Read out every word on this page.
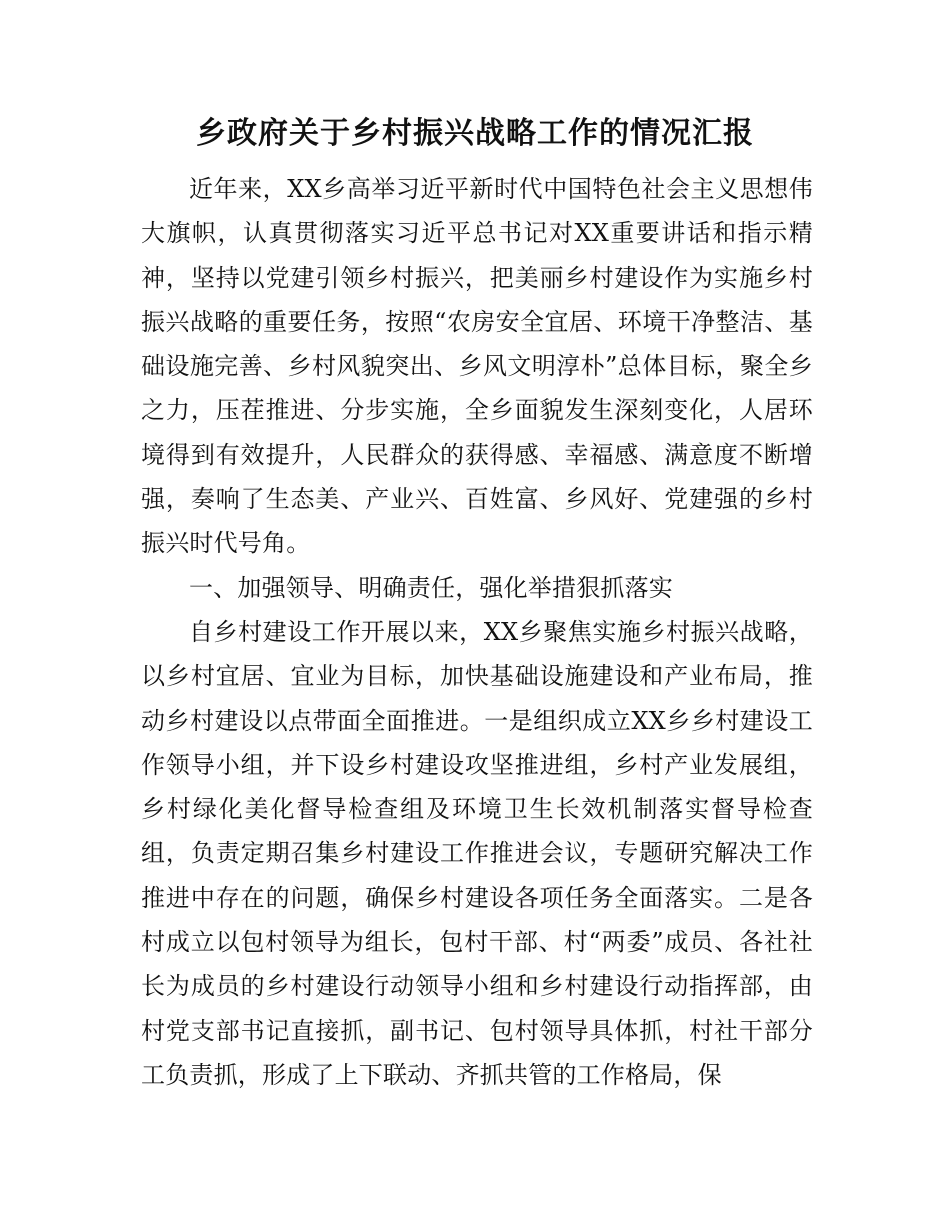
乡政府关于乡村振兴战略工作的情况汇报

近年来，XX乡高举习近平新时代中国特色社会主义思想伟大旗帜，认真贯彻落实习近平总书记对XX重要讲话和指示精神，坚持以党建引领乡村振兴，把美丽乡村建设作为实施乡村振兴战略的重要任务，按照“农房安全宜居、环境干净整洁、基础设施完善、乡村风貌突出、乡风文明淳朴”总体目标，聚全乡之力，压茬推进、分步实施，全乡面貌发生深刻变化，人居环境得到有效提升，人民群众的获得感、幸福感、满意度不断增强，奏响了生态美、产业兴、百姓富、乡风好、党建强的乡村振兴时代号角。

一、加强领导、明确责任，强化举措狠抓落实

自乡村建设工作开展以来，XX乡聚焦实施乡村振兴战略，以乡村宜居、宜业为目标，加快基础设施建设和产业布局，推动乡村建设以点带面全面推进。一是组织成立XX乡乡村建设工作领导小组，并下设乡村建设攻坚推进组，乡村产业发展组，乡村绿化美化督导检查组及环境卫生长效机制落实督导检查组，负责定期召集乡村建设工作推进会议，专题研究解决工作推进中存在的问题，确保乡村建设各项任务全面落实。二是各村成立以包村领导为组长，包村干部、村“两委”成员、各社社长为成员的乡村建设行动领导小组和乡村建设行动指挥部，由村党支部书记直接抓，副书记、包村领导具体抓，村社干部分工负责抓，形成了上下联动、齐抓共管的工作格局，保
